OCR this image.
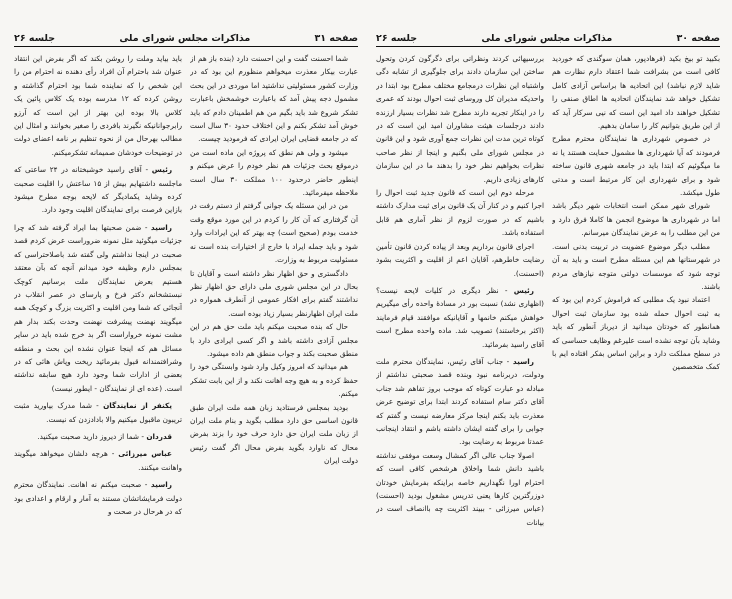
صفحه ۳۱
مذاکرات مجلس شورای ملی
جلسه ۲۶

شما احسنت گفت و این احسنت دارد (بنده باز هم از عبارت بیکار معذرت میخواهم منظورم این بود که در وزارت کشور مسئولیتی نداشتید اما موردی در این بحث مشمول دجه پیش آمد که باعبارت خوشمخش باعبارت تشکر شروع شد باید بگیم من هم اطمینان دادم که باید خوش آمد تشکر بکنم و این اختلاف حدود ۳۰ سال است که در جامعه قضایی ایران ایرادی که فرمودید چیست.

میشود و ولی هم نطق که پروژه این ماده است من درموقع بحث جزئیات هم نظر خودم را عرض میکنم و اینطور حاضر درحدود ۱۰۰ مملکت ۳۰ سال است ملاحظه میفرمائید.

من در این مسئله یک جوانی گرفتم از دستم رفت در آن گرفتاری که آن کار را کردم در این مورد موقع وقت خدمت بودم (صحیح است) چه بهتر که این ایرادات وارد شود و باید جمله ایراد با خارج از اختیارات بنده است نه مسئولیت مربوط به وزارت.

دادگستری و حق اظهار نظر داشته است و آقایان تا بحال در این مجلس شوری ملی دارای حق اظهار نظر نداشتند گفتم برای افکار عمومی از آنطرف همواره در ملت ایران اظهارنظر بسیار زیاد بوده است.

حال که بنده صحبت میکنم باید ملت حق هم در این مجلس آزادی داشته باشد و اگر کسی ایرادی دارد با منطق صحبت بکند و جواب منطق هم داده میشود.

هم میدانید که امروز وکیل وارد شود وابستگی خود را حفظ کرده و به هیچ وجه اهانت نکند و از این بابت تشکر میکنم.

بودید بمجلس فرستادید زبان همه ملت ایران طبق قانون اساسی حق دارد مطلب بگوید و بنام ملت ایران از زبان ملت ایران حق دارد حرف خود را بزند بفرض محال که ناوارد بگوید بفرض محال اگر گفت رئیس دولت ایران

باید بیاید وملت را روشن بکند که اگر بفرض این انتقاد عنوان شد باحترام آن افراد رأی دهنده نه احترام من را این شخص را که نماینده شما بود احترام گذاشته و روشن کرده که ۱۲ مدرسه بوده یک کلاس پائین یک کلاس بالا بوده این بهتر از این است که آرزو رابرجوانانیکه نگیرند بافردی را صغیر بخوانند و امثال این مطالب بهرحال من از نحوه تنظیم بر نامه اعضای دولت در توضیحات خودشان صمیمانه تشکرمیکنم.

رئیس - آقای راسید خوشبختانه در ۲۴ ساعتی که ماجلسه داشتهایم بیش از ۱۵ ساعتش را اقلیت صحبت کرده وشاید یکمادیگر که لایحه بوجه مطرح میشود بازاین فرصت برای نمایندگان اقلیت وجود دارد.

راسید - ضمن صحبتها بما ایراد گرفته شد که چرا جزئیات میگوئید مثل نمونه ضروراست عرض کردم قصد صحبت در اینجا نداشتم ولی گفته شد باصلاحتراسی که بمجلس دارم وظیفه خود میدانم آنچه که بآن معتقد هستیم بعرض نمایندگان ملت برسانیم کوچک نبستشخانم دکتر فرخ و پارسای در عصر انقلاب در آنجائی که شما ومن اقلیت و اکثریت بزرگ و کوچک همه میگویند نهضت پیشرفت نهضت وحدت بکند بدار هم مشت نمونه خرواراست اگر بد خرج شده باید در سایر مسائل هم که اینجا عنوان نشده این بحث و منطقه وشرافتمندانه قبول بفرمائید ریخت وپاش هائی که در بعضی از ادارات شما وجود دارد هیچ سابقه نداشته است. (عده ای از نمایندگان - ایطور نیست)

یکنفر از نمایندگان - شما مدرک بیاورید مثبت تریبون ماقبول میکنیم والا بادادزدن که نیست.

قدردان - شما از دیروز دارید صحبت میکنید.

عباس میرزائی - هرچه دلشان میخواهد میگویند واهانت میکنند.

راسید - صحبت میکنم نه اهانت. نمایندگان محترم دولت فرمایشاتشان مستند به آمار و ارقام و اعدادی بود که در هرحال در صحت و

صفحه ۳۰
مذاکرات مجلس شورای ملی
جلسه ۲۶

بکبید تو بیخ بکید (فرهادپور، همان سوگندی که خوردید کافی است من بشرافت شما اعتقاد دارم نظارت هم شاید لازم نباشد) این اتحادیه ها براساس آزادی کامل تشکیل خواهد شد نمایندگان اتحادیه ها اطاق صنفی را تشکیل خواهند داد امید این است که نیی سرکار آید که از این طریق بتوانیم کار را سامان بدهیم.

در خصوص شهرداری ها نمایندگان محترم مطرح فرمودند که آیا شهرداری ها مشمول حمایت هستند یا نه ما میگوئیم که ابتدا باید در جامعه شهری قانون ساخته شود و برای شهرداری این کار مرتبط است و مدتی طول میکشد.

شورای شهر ممکن است انتخابات شهر دیگر باشد اما در شهرداری ها موضوع انجمن ها کاملا فرق دارد و من این مطلب را به عرض نمایندگان میرسانم.

مطلب دیگر موضوع عضویت در تربیت بدنی است. در شهرستانها هم این مسئله مطرح است و باید به آن توجه شود که موسسات دولتی متوجه نیازهای مردم باشند.

اعتماد نبود یک مطلبی که فراموش کردم این بود که به ثبت احوال حمله شده بود سازمان ثبت احوال همانطور که خودتان میدانید از دیرباز آنطور که باید وشاید بآن توجه نشده است علیرغم وظایف حساسی که در سطح مملکت دارد و براین اساس بفکر افتاده ایم با کمک متخصصین

بررسیهائی کردند ونظراتی برای دگرگون کردن وتحول ساختن این سازمان دادند برای جلوگیری از تشابه دگی واشتباه این نظرات درمجامع مختلف مطرح بود ابتدا در واحدیکه مدیران کل وروسای ثبت احوال بودند که عمری را در اینکار تجربه دارند مطرح شد نظرات بسیار ارزنده دادند درجلسات هیئت مشاوران امید این است که در کوتاه ترین مدت این نظرات جمع آوری شود و این قانون در مجلس شورای ملی بگنیم و اینجا از نظر صاحب نظرات بخواهیم نظر خود را بدهند ما در این سازمان کارهای زیادی داریم.

مرحله دوم این است که قانون جدید ثبت احوال را اجرا کنیم و در کنار آن یک قانون برای ثبت مدارک داشته باشیم که در صورت لزوم از نظر آماری هم قابل استفاده باشد.

اجرای قانون برداریم وبعد از پیاده کردن قانون تأمین رضایت خاطرهم، آقایان اعم از اقلیت و اکثریت بشود (احسنت).

رئیس - نظر دیگری در کلیات لایحه نیست؟ (اظهاری نشد) نسبت بور در مسادهٔ واحده رأی میگیریم خواهش میکنم خانمها و آقایانیکه موافقند قیام فرمایند (اکثر برخاستند) تصویب شد. ماده واحده مطرح است آقای راسید بفرمائید.

راسید - جناب آقای رئیس، نمایندگان محترم ملت ودولت، دربرنامه نبود وبنده قصد صحبتی نداشتم از مبادله دو عبارت کوتاه که موجب بروز تفاهم شد جناب آقای دکتر سام استفاده کردند ابتدا برای توضیح عرض معذرت باید بکنم اینجا مرکز معارضه نیست و گفتم که جوابی را برای گفته ایشان داشته باشم و انتقاد اینجانب عمدتا مربوط به رضایت بود.

اصولا جناب عالی اگر کمشال وسعت موفقی نداشته باشید دانش شما واخلاق هرشخص کافی است که احترام اورا نگهداریم خاصه براینکه بفرمایش خودتان دوزرگترین کارها یعنی تدریس مشغول بودید (احسنت) (عباس میرزائی - ببیند اکثریت چه باانصاف است در بیانات
